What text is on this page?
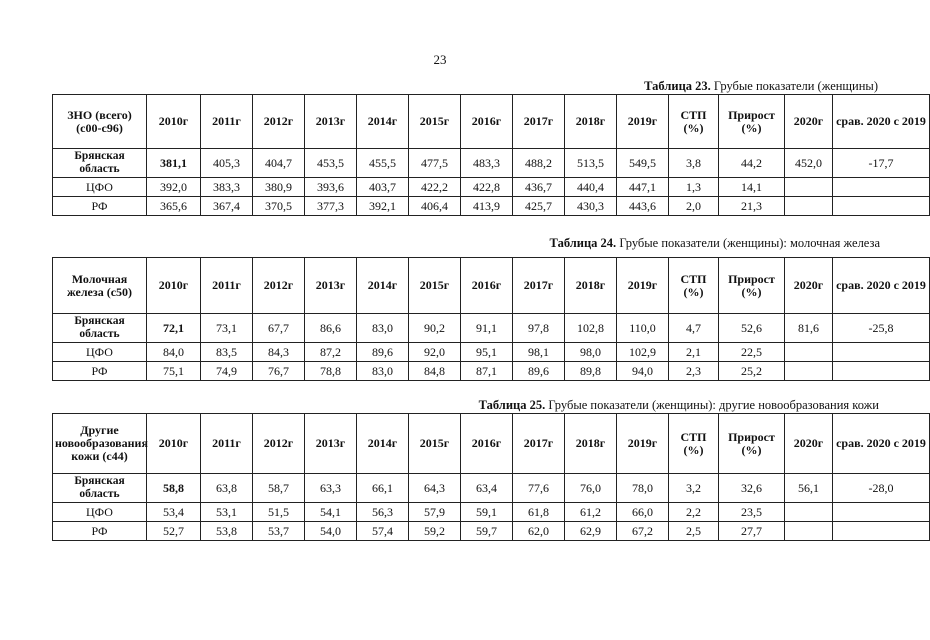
23
Таблица 23. Грубые показатели (женщины)
ЗНО (всего) (с00-с96)	2010г	2011г	2012г	2013г	2014г	2015г	2016г	2017г	2018г	2019г	СТП (%)	Прирост (%)	2020г	срав. 2020 с 2019
Брянская область	381,1	405,3	404,7	453,5	455,5	477,5	483,3	488,2	513,5	549,5	3,8	44,2	452,0	-17,7
ЦФО	392,0	383,3	380,9	393,6	403,7	422,2	422,8	436,7	440,4	447,1	1,3	14,1		
РФ	365,6	367,4	370,5	377,3	392,1	406,4	413,9	425,7	430,3	443,6	2,0	21,3		
Таблица 24. Грубые показатели (женщины): молочная железа
Молочная железа (с50)	2010г	2011г	2012г	2013г	2014г	2015г	2016г	2017г	2018г	2019г	СТП (%)	Прирост (%)	2020г	срав. 2020 с 2019
Брянская область	72,1	73,1	67,7	86,6	83,0	90,2	91,1	97,8	102,8	110,0	4,7	52,6	81,6	-25,8
ЦФО	84,0	83,5	84,3	87,2	89,6	92,0	95,1	98,1	98,0	102,9	2,1	22,5		
РФ	75,1	74,9	76,7	78,8	83,0	84,8	87,1	89,6	89,8	94,0	2,3	25,2		
Таблица 25. Грубые показатели (женщины): другие новообразования кожи
Другие новообразования кожи (с44)	2010г	2011г	2012г	2013г	2014г	2015г	2016г	2017г	2018г	2019г	СТП (%)	Прирост (%)	2020г	срав. 2020 с 2019
Брянская область	58,8	63,8	58,7	63,3	66,1	64,3	63,4	77,6	76,0	78,0	3,2	32,6	56,1	-28,0
ЦФО	53,4	53,1	51,5	54,1	56,3	57,9	59,1	61,8	61,2	66,0	2,2	23,5		
РФ	52,7	53,8	53,7	54,0	57,4	59,2	59,7	62,0	62,9	67,2	2,5	27,7		
